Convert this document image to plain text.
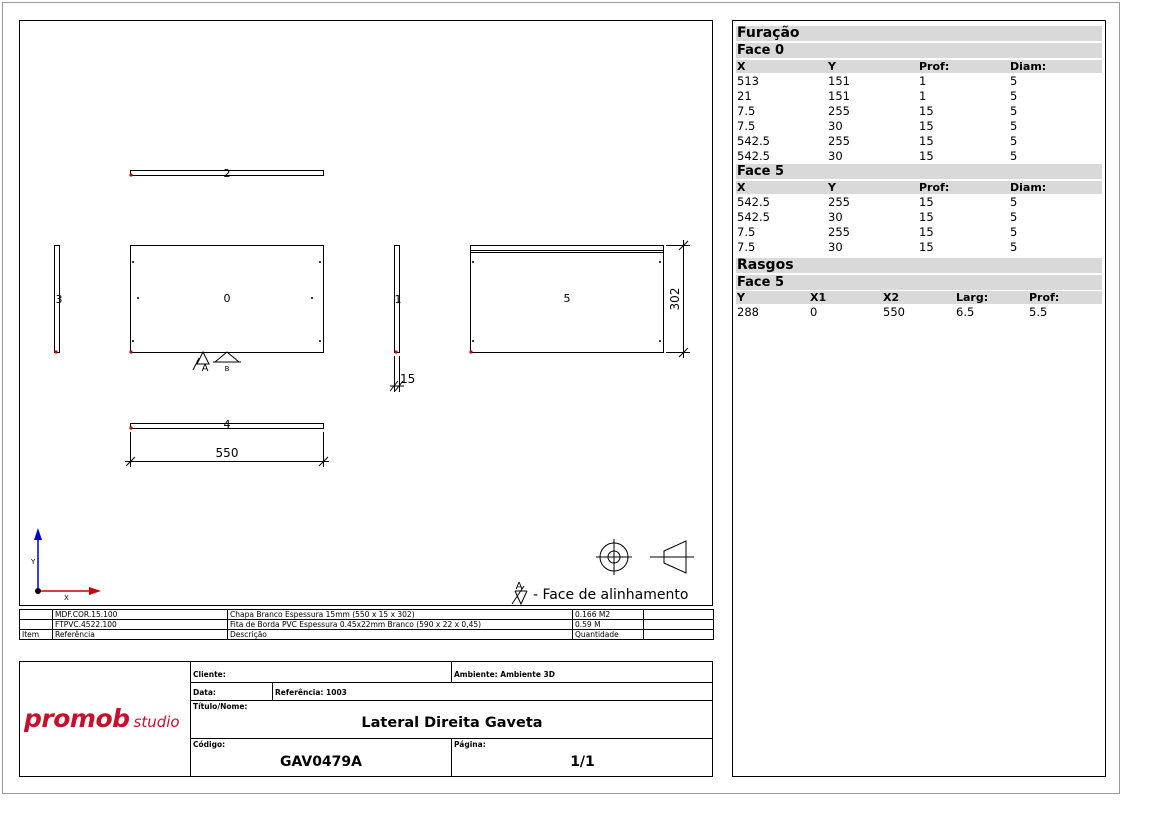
2
3	0
A B
1
15
5	302
4
550
Y
X
A
- Face de alinhamento
	MDF.COR.15.100	Chapa Branco Espessura 15mm (550 x 15 x 302)	0.166 M2	
	FTPVC.4522.100	Fita de Borda PVC Espessura 0.45x22mm Branco (590 x 22 x 0,45)	0.59 M	
Item	Referência	Descrição	Quantidade	
promob studio
Cliente:	Ambiente: Ambiente 3D
Data:	Referência: 1003
Título/Nome:
Lateral Direita Gaveta
Código:
GAV0479A
Página:
1/1
Furação
Face 0
X	Y	Prof:	Diam:
513	151	1	5
21	151	1	5
7.5	255	15	5
7.5	30	15	5
542.5	255	15	5
542.5	30	15	5
Face 5
X	Y	Prof:	Diam:
542.5	255	15	5
542.5	30	15	5
7.5	255	15	5
7.5	30	15	5
Rasgos
Face 5
Y	X1	X2	Larg:	Prof:
288	0	550	6.5	5.5
